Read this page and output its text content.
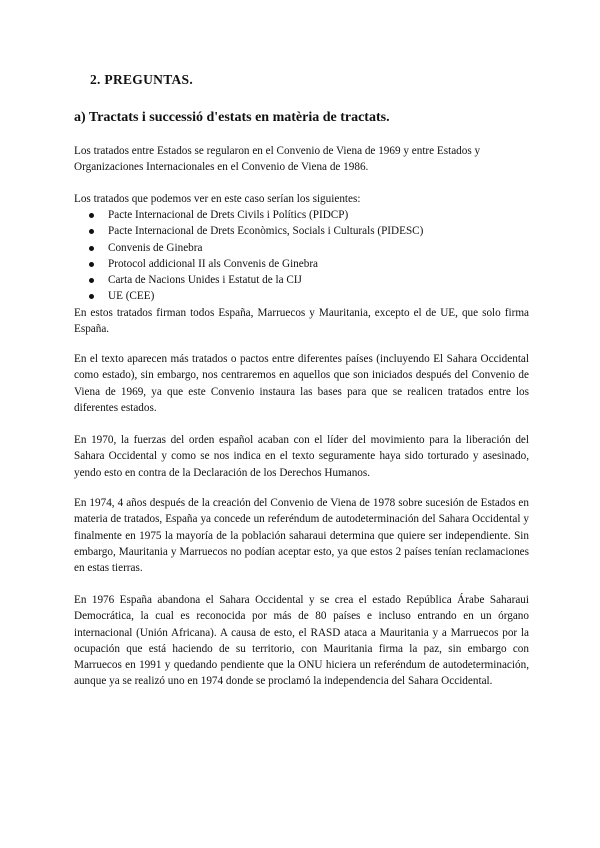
2. PREGUNTAS.
a) Tractats i successió d'estats en matèria de tractats.

Los tratados entre Estados se regularon en el Convenio de Viena de 1969 y entre Estados y Organizaciones Internacionales en el Convenio de Viena de 1986.

Los tratados que podemos ver en este caso serían los siguientes:

Pacte Internacional de Drets Civils i Polítics (PIDCP)
Pacte Internacional de Drets Econòmics, Socials i Culturals (PIDESC)
Convenis de Ginebra
Protocol addicional II als Convenis de Ginebra
Carta de Nacions Unides i Estatut de la CIJ
UE (CEE)

En estos tratados firman todos España, Marruecos y Mauritania, excepto el de UE, que solo firma España.

En el texto aparecen más tratados o pactos entre diferentes países (incluyendo El Sahara Occidental como estado), sin embargo, nos centraremos en aquellos que son iniciados después del Convenio de Viena de 1969, ya que este Convenio instaura las bases para que se realicen tratados entre los diferentes estados.

En 1970, la fuerzas del orden español acaban con el líder del movimiento para la liberación del Sahara Occidental y como se nos indica en el texto seguramente haya sido torturado y asesinado, yendo esto en contra de la Declaración de los Derechos Humanos.

En 1974, 4 años después de la creación del Convenio de Viena de 1978 sobre sucesión de Estados en materia de tratados, España ya concede un referéndum de autodeterminación del Sahara Occidental y finalmente en 1975 la mayoría de la población saharaui determina que quiere ser independiente. Sin embargo, Mauritania y Marruecos no podían aceptar esto, ya que estos 2 países tenían reclamaciones en estas tierras.

En 1976 España abandona el Sahara Occidental y se crea el estado República Árabe Saharaui Democrática, la cual es reconocida por más de 80 países e incluso entrando en un órgano internacional (Unión Africana). A causa de esto, el RASD ataca a Mauritania y a Marruecos por la ocupación que está haciendo de su territorio, con Mauritania firma la paz, sin embargo con Marruecos en 1991 y quedando pendiente que la ONU hiciera un referéndum de autodeterminación, aunque ya se realizó uno en 1974 donde se proclamó la independencia del Sahara Occidental.
